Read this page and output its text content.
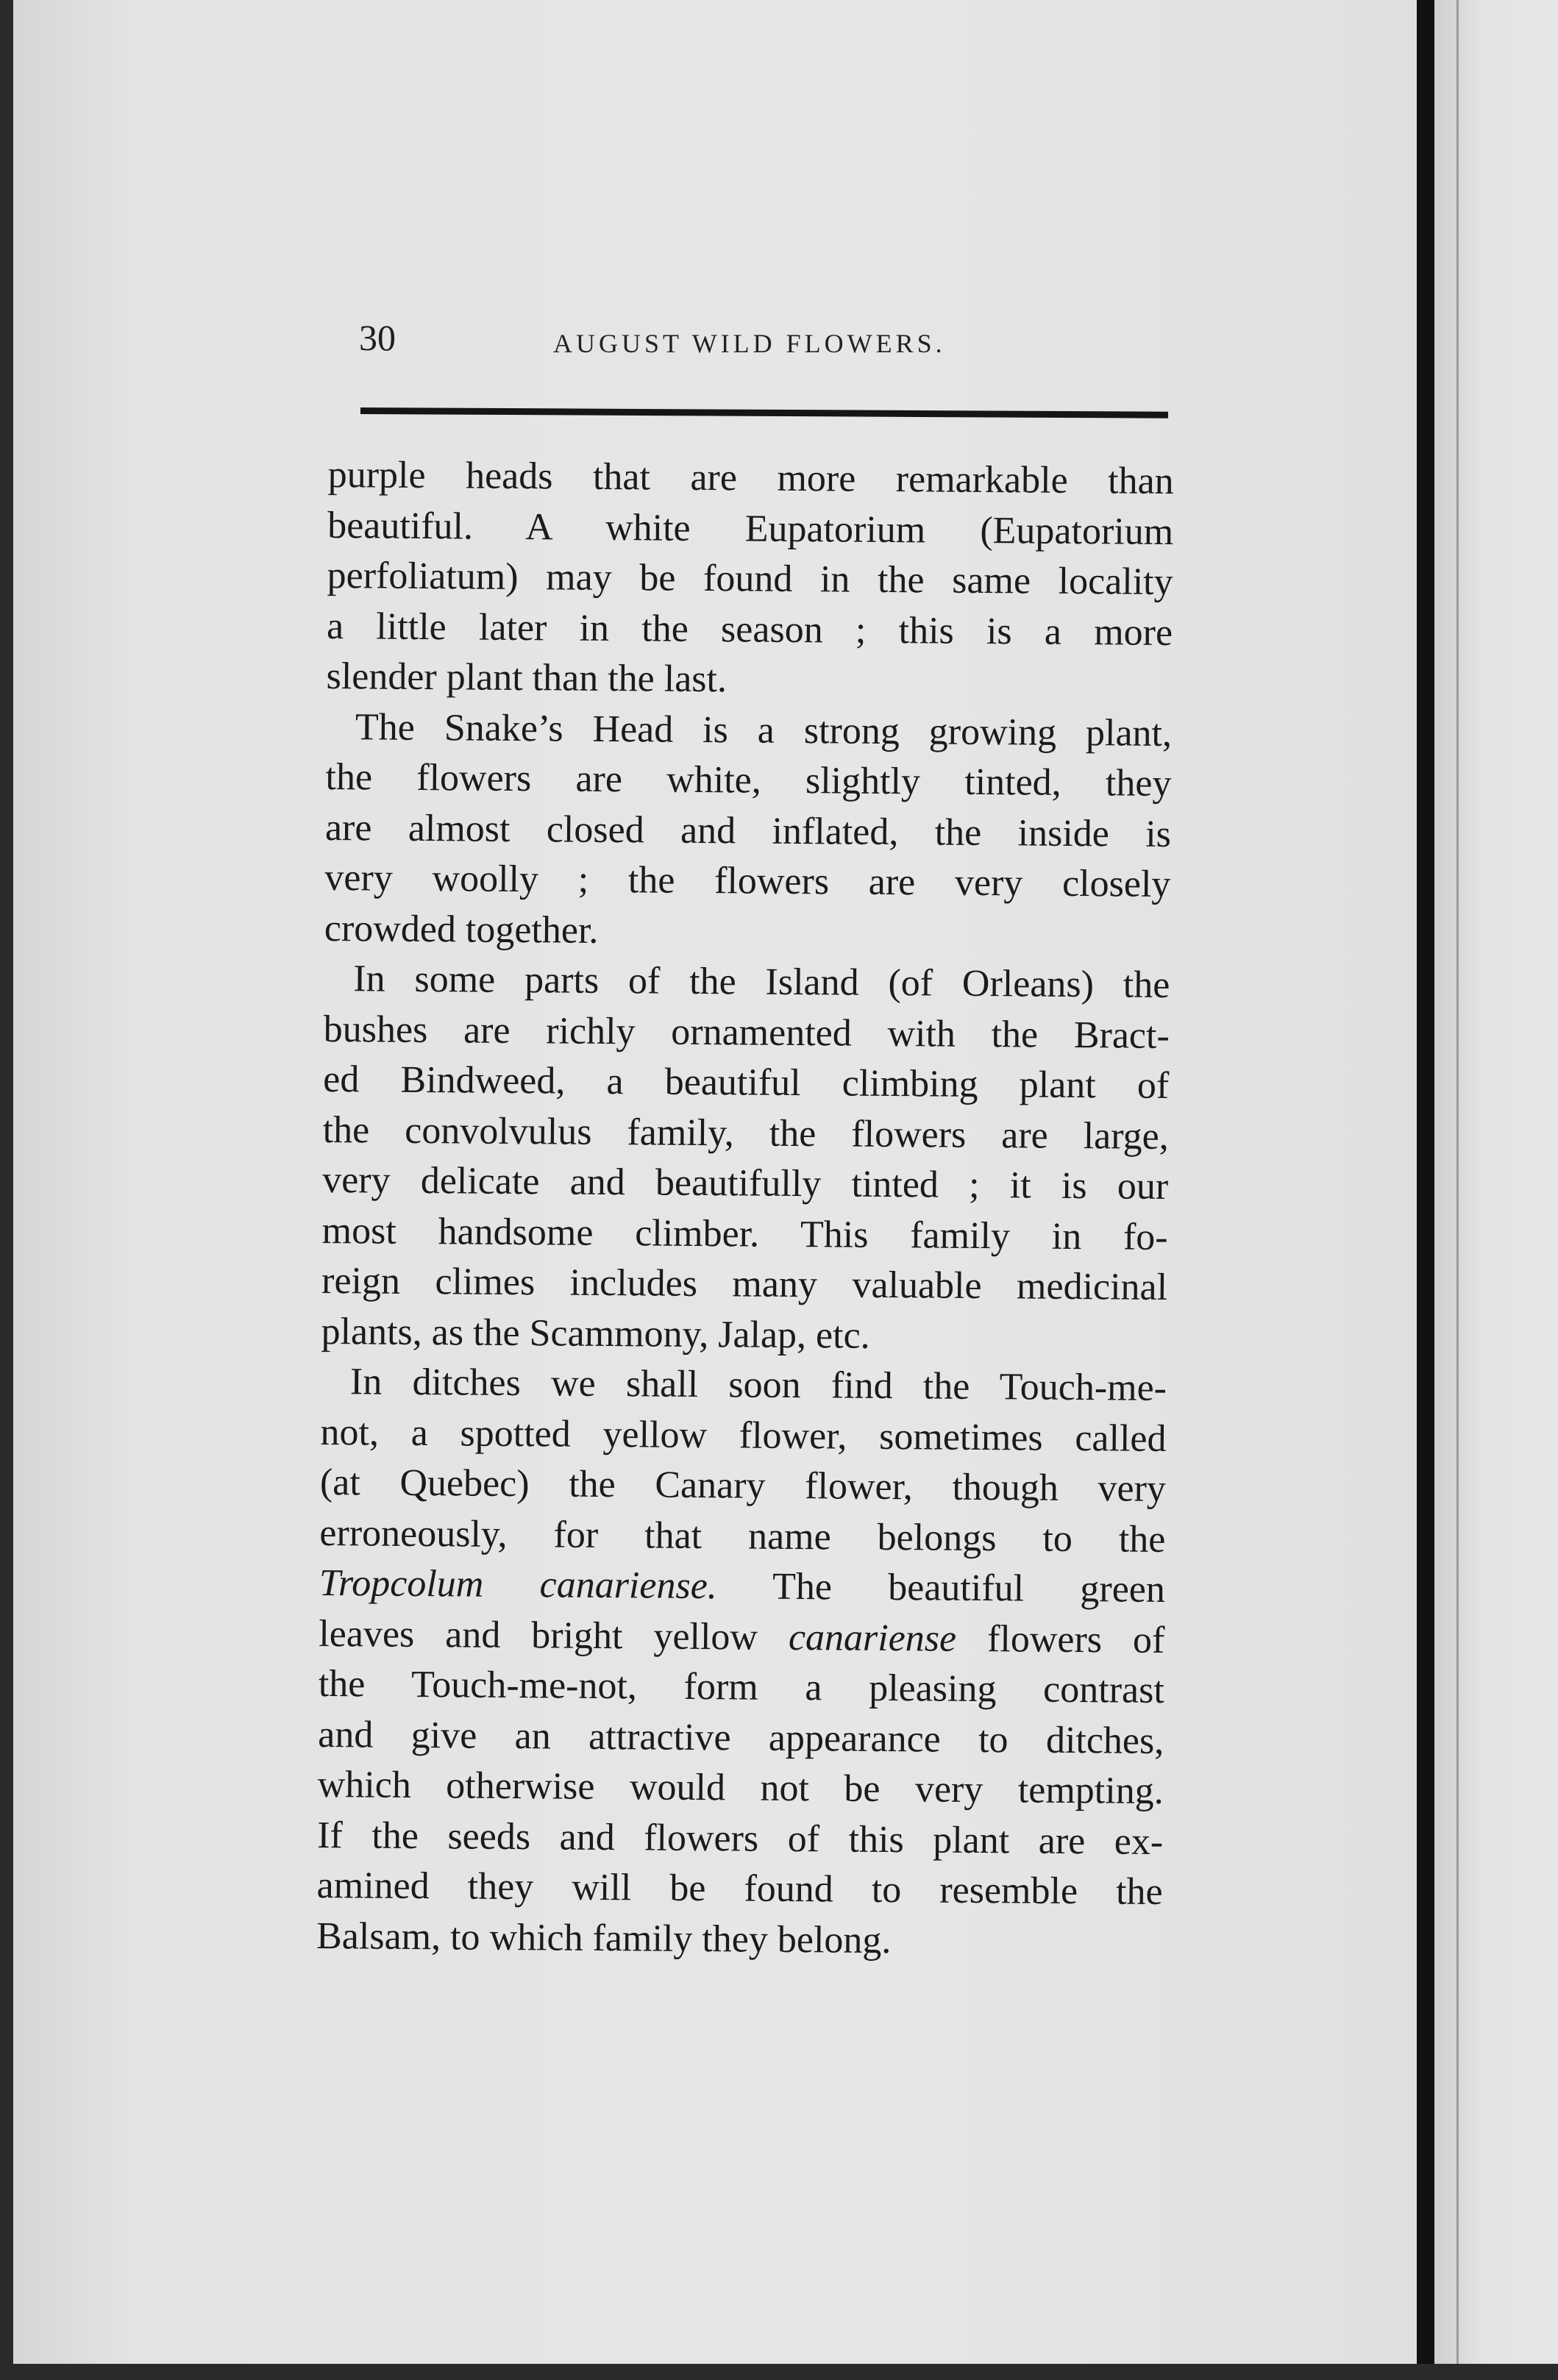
30	AUGUST WILD FLOWERS.
purple heads that are more remarkable than
beautiful. A white Eupatorium (Eupatorium
perfoliatum) may be found in the same locality
a little later in the season ; this is a more
slender plant than the last.
The Snake’s Head is a strong growing plant,
the flowers are white, slightly tinted, they
are almost closed and inflated, the inside is
very woolly ; the flowers are very closely
crowded together.
In some parts of the Island (of Orleans) the
bushes are richly ornamented with the Bract-
ed Bindweed, a beautiful climbing plant of
the convolvulus family, the flowers are large,
very delicate and beautifully tinted ; it is our
most handsome climber. This family in fo-
reign climes includes many valuable medicinal
plants, as the Scammony, Jalap, etc.
In ditches we shall soon find the Touch-me-
not, a spotted yellow flower, sometimes called
(at Quebec) the Canary flower, though very
erroneously, for that name belongs to the
Tropcolum canariense. The beautiful green
leaves and bright yellow canariense flowers of
the Touch-me-not, form a pleasing contrast
and give an attractive appearance to ditches,
which otherwise would not be very tempting.
If the seeds and flowers of this plant are ex-
amined they will be found to resemble the
Balsam, to which family they belong.
